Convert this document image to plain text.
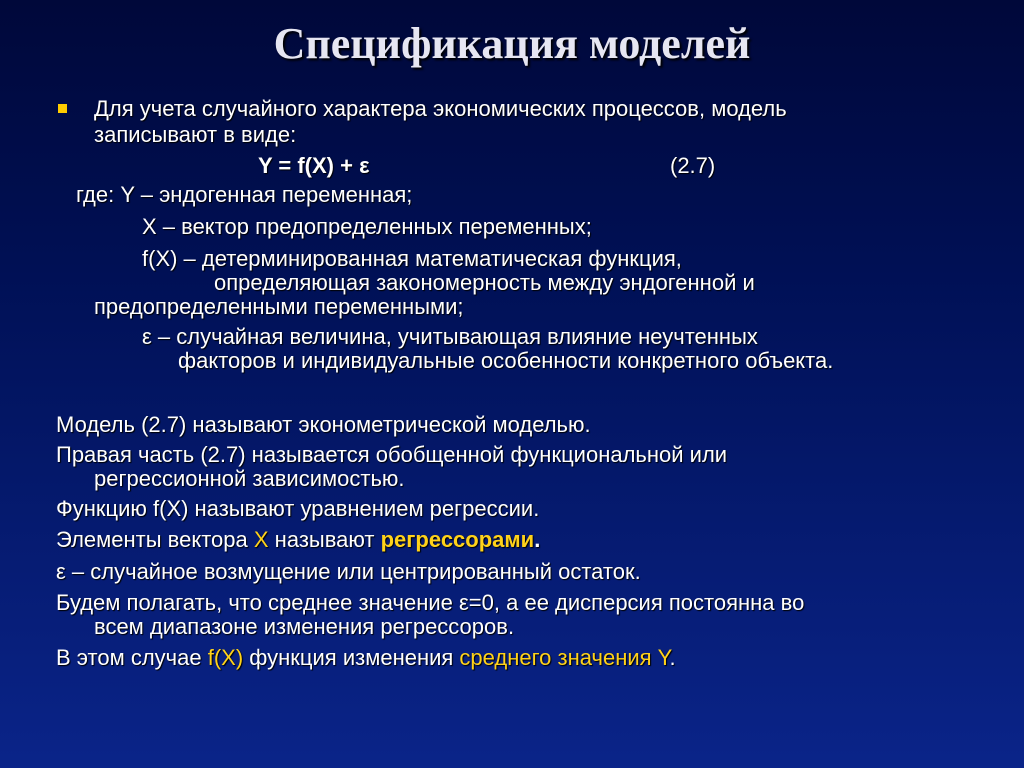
Спецификация моделей
Для учета случайного характера экономических процессов, модель
записывают в виде:
Y = f(X) + ε	(2.7)
где: Y – эндогенная переменная;
X – вектор предопределенных переменных;
f(X) – детерминированная математическая функция,
определяющая закономерность между эндогенной и
предопределенными переменными;
ε – случайная величина, учитывающая влияние неучтенных
факторов и индивидуальные особенности конкретного объекта.
Модель (2.7) называют эконометрической моделью.
Правая часть (2.7) называется обобщенной функциональной или
регрессионной зависимостью.
Функцию f(X) называют уравнением регрессии.
Элементы вектора X называют регрессорами.
ε – случайное возмущение или центрированный остаток.
Будем полагать, что среднее значение ε=0, а ее дисперсия постоянна во
всем диапазоне изменения регрессоров.
В этом случае f(X) функция изменения среднего значения Y.
